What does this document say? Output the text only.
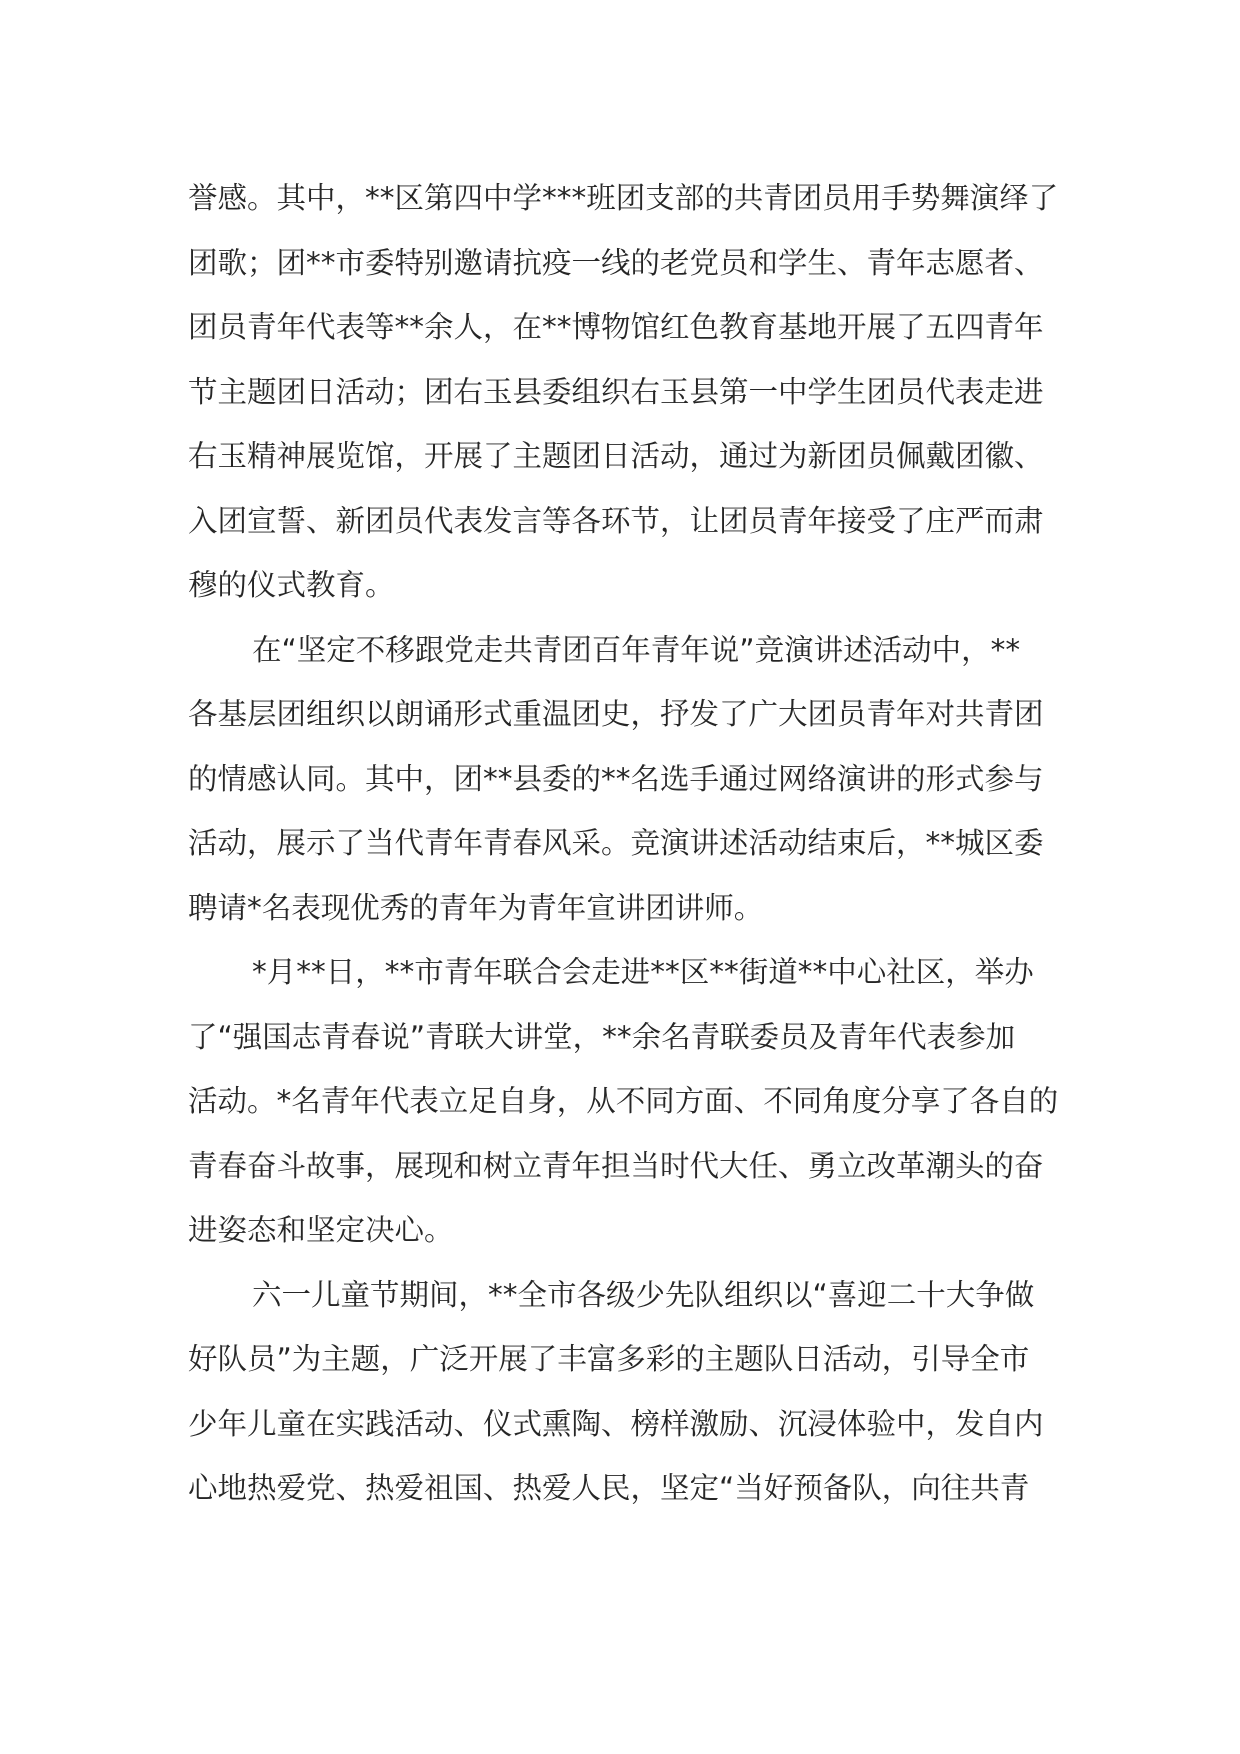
誉感。其中，**区第四中学***班团支部的共青团员用手势舞演绎了
团歌；团**市委特别邀请抗疫一线的老党员和学生、青年志愿者、
团员青年代表等**余人，在**博物馆红色教育基地开展了五四青年
节主题团日活动；团右玉县委组织右玉县第一中学生团员代表走进
右玉精神展览馆，开展了主题团日活动，通过为新团员佩戴团徽、
入团宣誓、新团员代表发言等各环节，让团员青年接受了庄严而肃
穆的仪式教育。
在“坚定不移跟党走共青团百年青年说”竞演讲述活动中，**
各基层团组织以朗诵形式重温团史，抒发了广大团员青年对共青团
的情感认同。其中，团**县委的**名选手通过网络演讲的形式参与
活动，展示了当代青年青春风采。竞演讲述活动结束后，**城区委
聘请*名表现优秀的青年为青年宣讲团讲师。
*月**日，**市青年联合会走进**区**街道**中心社区，举办
了“强国志青春说”青联大讲堂，**余名青联委员及青年代表参加
活动。*名青年代表立足自身，从不同方面、不同角度分享了各自的
青春奋斗故事，展现和树立青年担当时代大任、勇立改革潮头的奋
进姿态和坚定决心。
六一儿童节期间，**全市各级少先队组织以“喜迎二十大争做
好队员”为主题，广泛开展了丰富多彩的主题队日活动，引导全市
少年儿童在实践活动、仪式熏陶、榜样激励、沉浸体验中，发自内
心地热爱党、热爱祖国、热爱人民，坚定“当好预备队，向往共青
